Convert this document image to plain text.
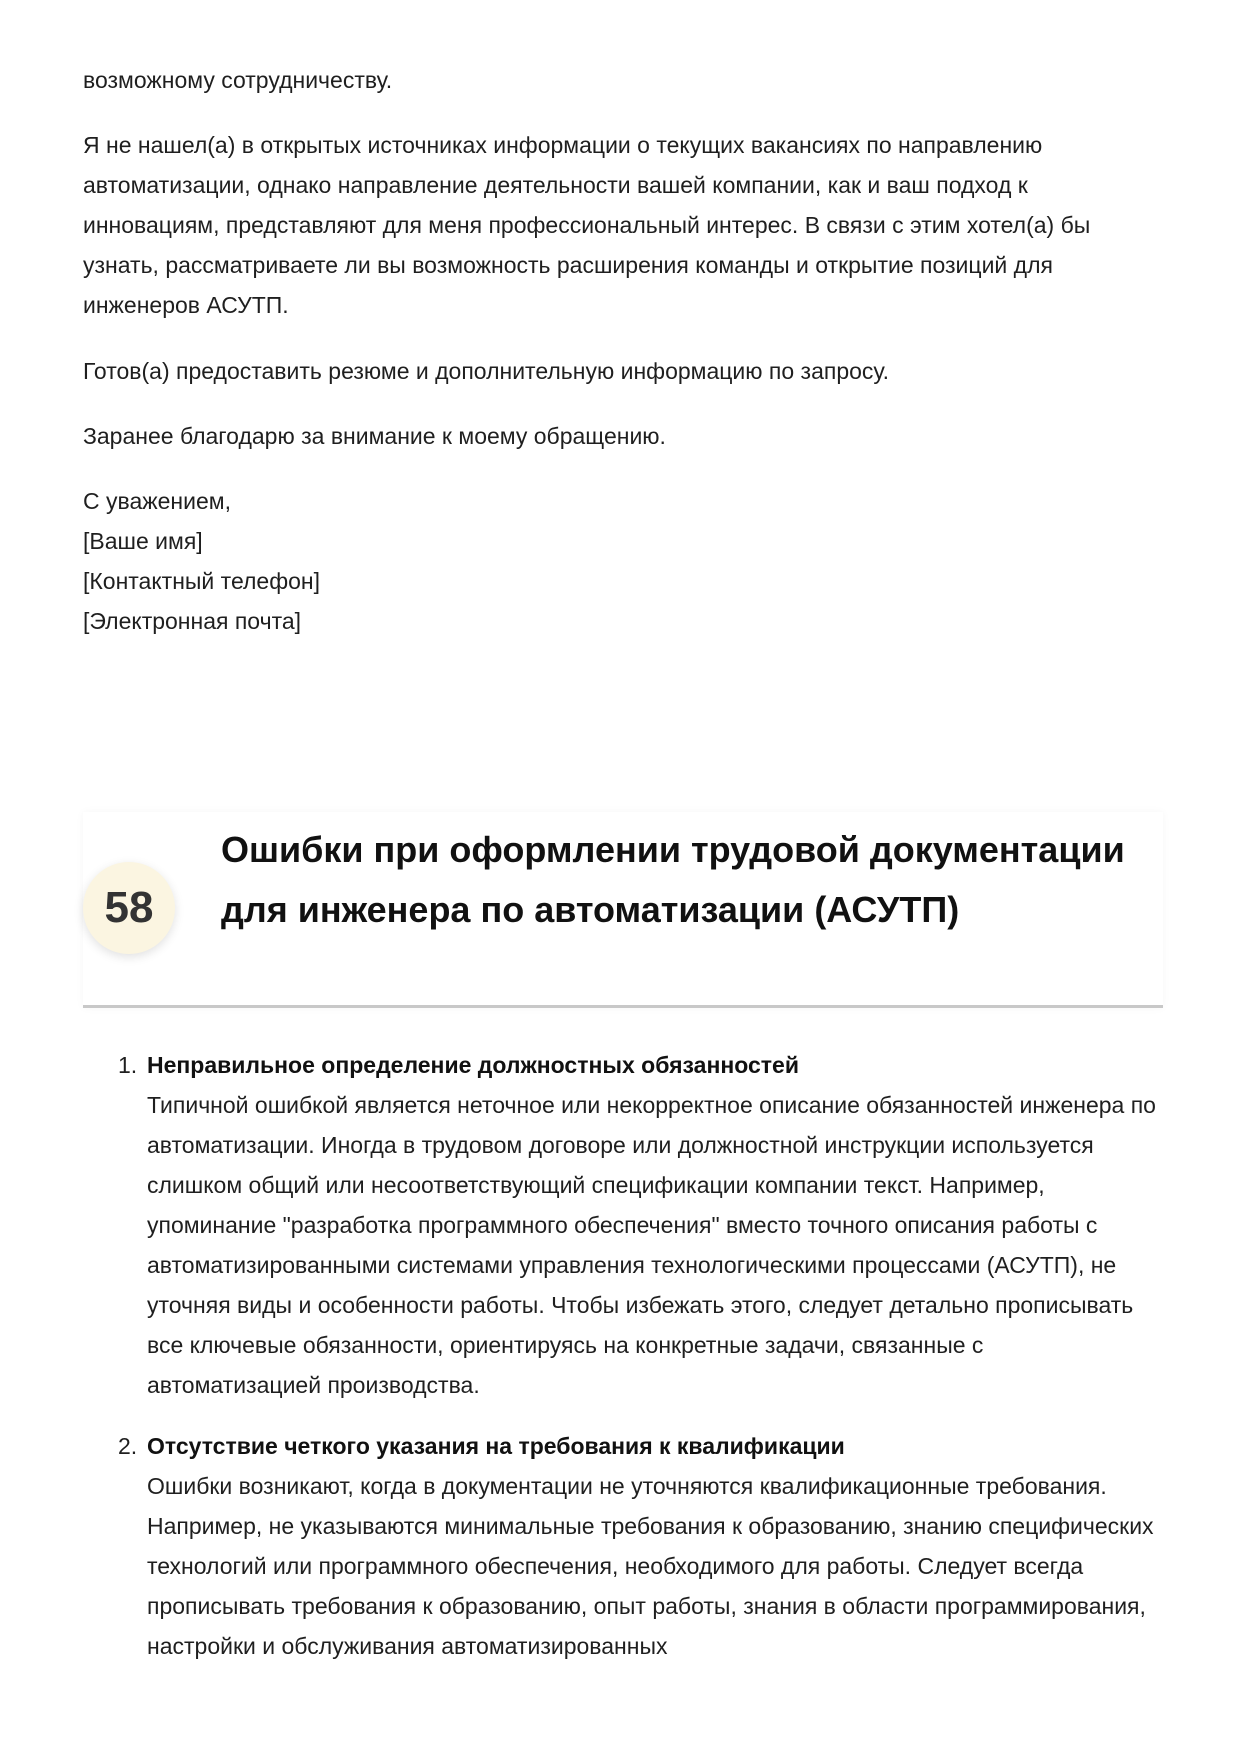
возможному сотрудничеству.

Я не нашел(а) в открытых источниках информации о текущих вакансиях по направлению автоматизации, однако направление деятельности вашей компании, как и ваш подход к инновациям, представляют для меня профессиональный интерес. В связи с этим хотел(а) бы узнать, рассматриваете ли вы возможность расширения команды и открытие позиций для инженеров АСУТП.

Готов(а) предоставить резюме и дополнительную информацию по запросу.

Заранее благодарю за внимание к моему обращению.

С уважением,
[Ваше имя]
[Контактный телефон]
[Электронная почта]
58
Ошибки при оформлении трудовой документации для инженера по автоматизации (АСУТП)
1. Неправильное определение должностных обязанностей
Типичной ошибкой является неточное или некорректное описание обязанностей инженера по автоматизации. Иногда в трудовом договоре или должностной инструкции используется слишком общий или несоответствующий спецификации компании текст. Например, упоминание "разработка программного обеспечения" вместо точного описания работы с автоматизированными системами управления технологическими процессами (АСУТП), не уточняя виды и особенности работы. Чтобы избежать этого, следует детально прописывать все ключевые обязанности, ориентируясь на конкретные задачи, связанные с автоматизацией производства.
2. Отсутствие четкого указания на требования к квалификации
Ошибки возникают, когда в документации не уточняются квалификационные требования. Например, не указываются минимальные требования к образованию, знанию специфических технологий или программного обеспечения, необходимого для работы. Следует всегда прописывать требования к образованию, опыт работы, знания в области программирования, настройки и обслуживания автоматизированных
